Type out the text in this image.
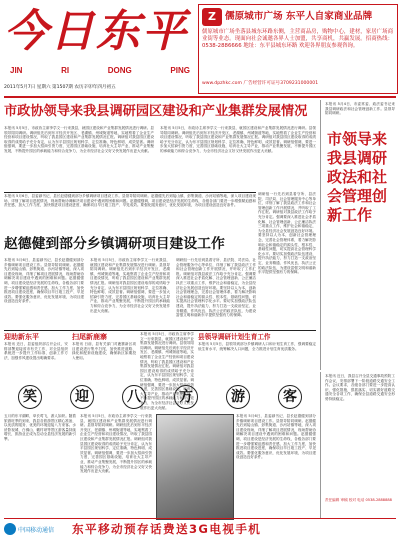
今日东平
JIN	RI	DONG	PING
2011年5月7日 星期六 第1507期 农历辛卯年四月初五
Z 儒原城市广场 东平人自家商业品牌
儒原城市广场坐落县城东环路东侧，主营商品房，购物中心，建材，家居广场商业街等业态。现面向社会诚邀各界人士加盟，共享商机，共赢发展。招商热线：0538-2886666 地址：东平县城东环路 欢迎各界朋友参观咨询。
www.dpzhkc.com 广告经营许可证号3709231000001
市政协领导来我县调研园区建设和产业集群发展情况
本报讯 5月5日，市政协主席李学文一行来我县，就园区建设和产业集群发展情况进行调研。县领导陪同调研。调研组先后到东平经济开发区、老湖镇、州城街道等地，实地察看了企业生产经营和项目建设情况，听取了我县园区建设和产业集群发展情况汇报。调研组对我县园区建设取得的成绩给予充分肯定，认为东平县园区规划科学、定位准确、特色鲜明、成效显著。调研组强调，要进一步加大招商引资力度，完善园区基础设施，培育壮大主导产业，推动产业集聚发展，不断提升园区的承载能力和综合竞争力，为全市经济社会又好又快发展作出更大贡献。
本报讯 5月5日，市政协主席李学文一行来我县，就园区建设和产业集群发展情况进行调研。县领导陪同调研。调研组先后到东平经济开发区、老湖镇、州城街道等地，实地察看了企业生产经营和项目建设情况，听取了我县园区建设和产业集群发展情况汇报。调研组对我县园区建设取得的成绩给予充分肯定，认为东平县园区规划科学、定位准确、特色鲜明、成效显著。调研组强调，要进一步加大招商引资力度，完善园区基础设施，培育壮大主导产业，推动产业集聚发展，不断提升园区的承载能力和综合竞争力，为全市经济社会又好又快发展作出更大贡献。
本报讯 5月4日，市委常委、政法委书记来我县调研政法和社会管理创新工作。县领导陪同调研。
市领导来我县调研政法和社会管理创新工作
调研组一行先后到县看守所、县法院、司法局、社会管理服务中心等单位，详细了解了我县政法工作和社会管理创新工作开展情况，并听取了工作汇报。调研组对我县政法工作给予充分肯定。强调要深入推进社会矛盾化解、社会管理创新、公正廉洁执法三项重点工作，维护社会和谐稳定，为全县经济社会发展创造良好环境。要坚持以人为本，创新社会管理理念，完善社会管理体系，着力解决影响社会和谐稳定的源头性、根本性、基础性问题，切实提高社会管理科学化水平。要切实加强政法队伍建设，提升执法能力，努力打造一支政治坚定、业务精通、作风优良、执法公正的政法队伍，为建设富强文明和谐新东平提供坚强有力的保障。
赵德健到部分乡镇调研项目建设工作
本报讯 5月6日，县委副书记、县长赵德健到部分乡镇调研项目建设工作。县领导陪同调研。赵德健先后到接山镇、彭集街道、沙河站镇等地，深入项目建设现场，详细了解项目进展情况，现场帮助协调解决项目建设中遇到的困难和问题。赵德健强调，项目建设是经济发展的生命线，各级各部门要进一步增强紧迫感和责任感，加大工作力度，加快推进项目建设进度，确保项目早日竣工投产、早见成效。要强化服务意识，优化发展环境，为项目建设创造良好条件。
本报讯 5月6日，县委副书记、县长赵德健到部分乡镇调研项目建设工作。县领导陪同调研。赵德健先后到接山镇、彭集街道、沙河站镇等地，深入项目建设现场，详细了解项目进展情况，现场帮助协调解决项目建设中遇到的困难和问题。赵德健强调，项目建设是经济发展的生命线，各级各部门要进一步增强紧迫感和责任感，加大工作力度，加快推进项目建设进度，确保项目早日竣工投产、早见成效。要强化服务意识，优化发展环境，为项目建设创造良好条件。
本报讯 5月5日，市政协主席李学文一行来我县，就园区建设和产业集群发展情况进行调研。县领导陪同调研。调研组先后到东平经济开发区、老湖镇、州城街道等地，实地察看了企业生产经营和项目建设情况，听取了我县园区建设和产业集群发展情况汇报。调研组对我县园区建设取得的成绩给予充分肯定，认为东平县园区规划科学、定位准确、特色鲜明、成效显著。调研组强调，要进一步加大招商引资力度，完善园区基础设施，培育壮大主导产业，推动产业集聚发展，不断提升园区的承载能力和综合竞争力，为全市经济社会又好又快发展作出更大贡献。
调研组一行先后到县看守所、县法院、司法局、社会管理服务中心等单位，详细了解了我县政法工作和社会管理创新工作开展情况，并听取了工作汇报。调研组对我县政法工作给予充分肯定。强调要深入推进社会矛盾化解、社会管理创新、公正廉洁执法三项重点工作，维护社会和谐稳定，为全县经济社会发展创造良好环境。要坚持以人为本，创新社会管理理念，完善社会管理体系，着力解决影响社会和谐稳定的源头性、根本性、基础性问题，切实提高社会管理科学化水平。要切实加强政法队伍建设，提升执法能力，努力打造一支政治坚定、业务精通、作风优良、执法公正的政法队伍，为建设富强文明和谐新东平提供坚强有力的保障。
迎助新东平
本报讯 近日，县委组织部召开会议，安排部署迎接省市有关工作，对全县组织系统进一步提升工作标准、创新工作方法、加强作风建设提出明确要求。
扫尾新鹿寨
本报讯 日前，县有关部门对鹿寨新区项目建设进行集中扫尾，加快推进道路、绿化和配套设施建设，确保新区如期投入使用。
本报讯 5月5日，市政协主席李学文一行来我县，就园区建设和产业集群发展情况进行调研。县领导陪同调研。调研组先后到东平经济开发区、老湖镇、州城街道等地，实地察看了企业生产经营和项目建设情况，听取了我县园区建设和产业集群发展情况汇报。调研组对我县园区建设取得的成绩给予充分肯定，认为东平县园区规划科学、定位准确、特色鲜明、成效显著。调研组强调，要进一步加大招商引资力度，完善园区基础设施，培育壮大主导产业，推动产业集聚发展，不断提升园区的承载能力和综合竞争力，为全市经济社会又好又快发展作出更大贡献。
县领导调研计划生育工作
本报讯 5月5日，县领导到部分乡镇调研人口和计划生育工作，强调要稳定低生育水平，统筹解决人口问题，全力推进计划生育优质服务。
笑	迎	八	方	游	客
五月的东平湖畔，草长莺飞，游人如织。随着旅游旺季的到来，我县各旅游景区精心准备，以优质的服务、优美的环境迎接八方来客。水浒影视城、白佛山、戴村坝等景区游客量持续增长，旅游业正成为拉动全县经济发展的新引擎。
本报讯 5月5日，市政协主席李学文一行来我县，就园区建设和产业集群发展情况进行调研。县领导陪同调研。调研组先后到东平经济开发区、老湖镇、州城街道等地，实地察看了企业生产经营和项目建设情况，听取了我县园区建设和产业集群发展情况汇报。调研组对我县园区建设取得的成绩给予充分肯定，认为东平县园区规划科学、定位准确、特色鲜明、成效显著。调研组强调，要进一步加大招商引资力度，完善园区基础设施，培育壮大主导产业，推动产业集聚发展，不断提升园区的承载能力和综合竞争力，为全市经济社会又好又快发展作出更大贡献。
本报讯 5月6日，县委副书记、县长赵德健到部分乡镇调研项目建设工作。县领导陪同调研。赵德健先后到接山镇、彭集街道、沙河站镇等地，深入项目建设现场，详细了解项目进展情况，现场帮助协调解决项目建设中遇到的困难和问题。赵德健强调，项目建设是经济发展的生命线，各级各部门要进一步增强紧迫感和责任感，加大工作力度，加快推进项目建设进度，确保项目早日竣工投产、早见成效。要强化服务意识，优化发展环境，为项目建设创造良好条件。
本报讯 近日，我县召开全县交通事故预防工作会议，安排部署下一阶段道路交通安全工作。会议要求，各级各部门要进一步提高认识，强化措施，狠抓落实，切实做好道路交通安全各项工作，确保全县道路交通安全形势持续稳定。
责任编辑 审稿 校对 电话 0538-2888888
中国移动通信 东平移动预存话费送3G电视手机
